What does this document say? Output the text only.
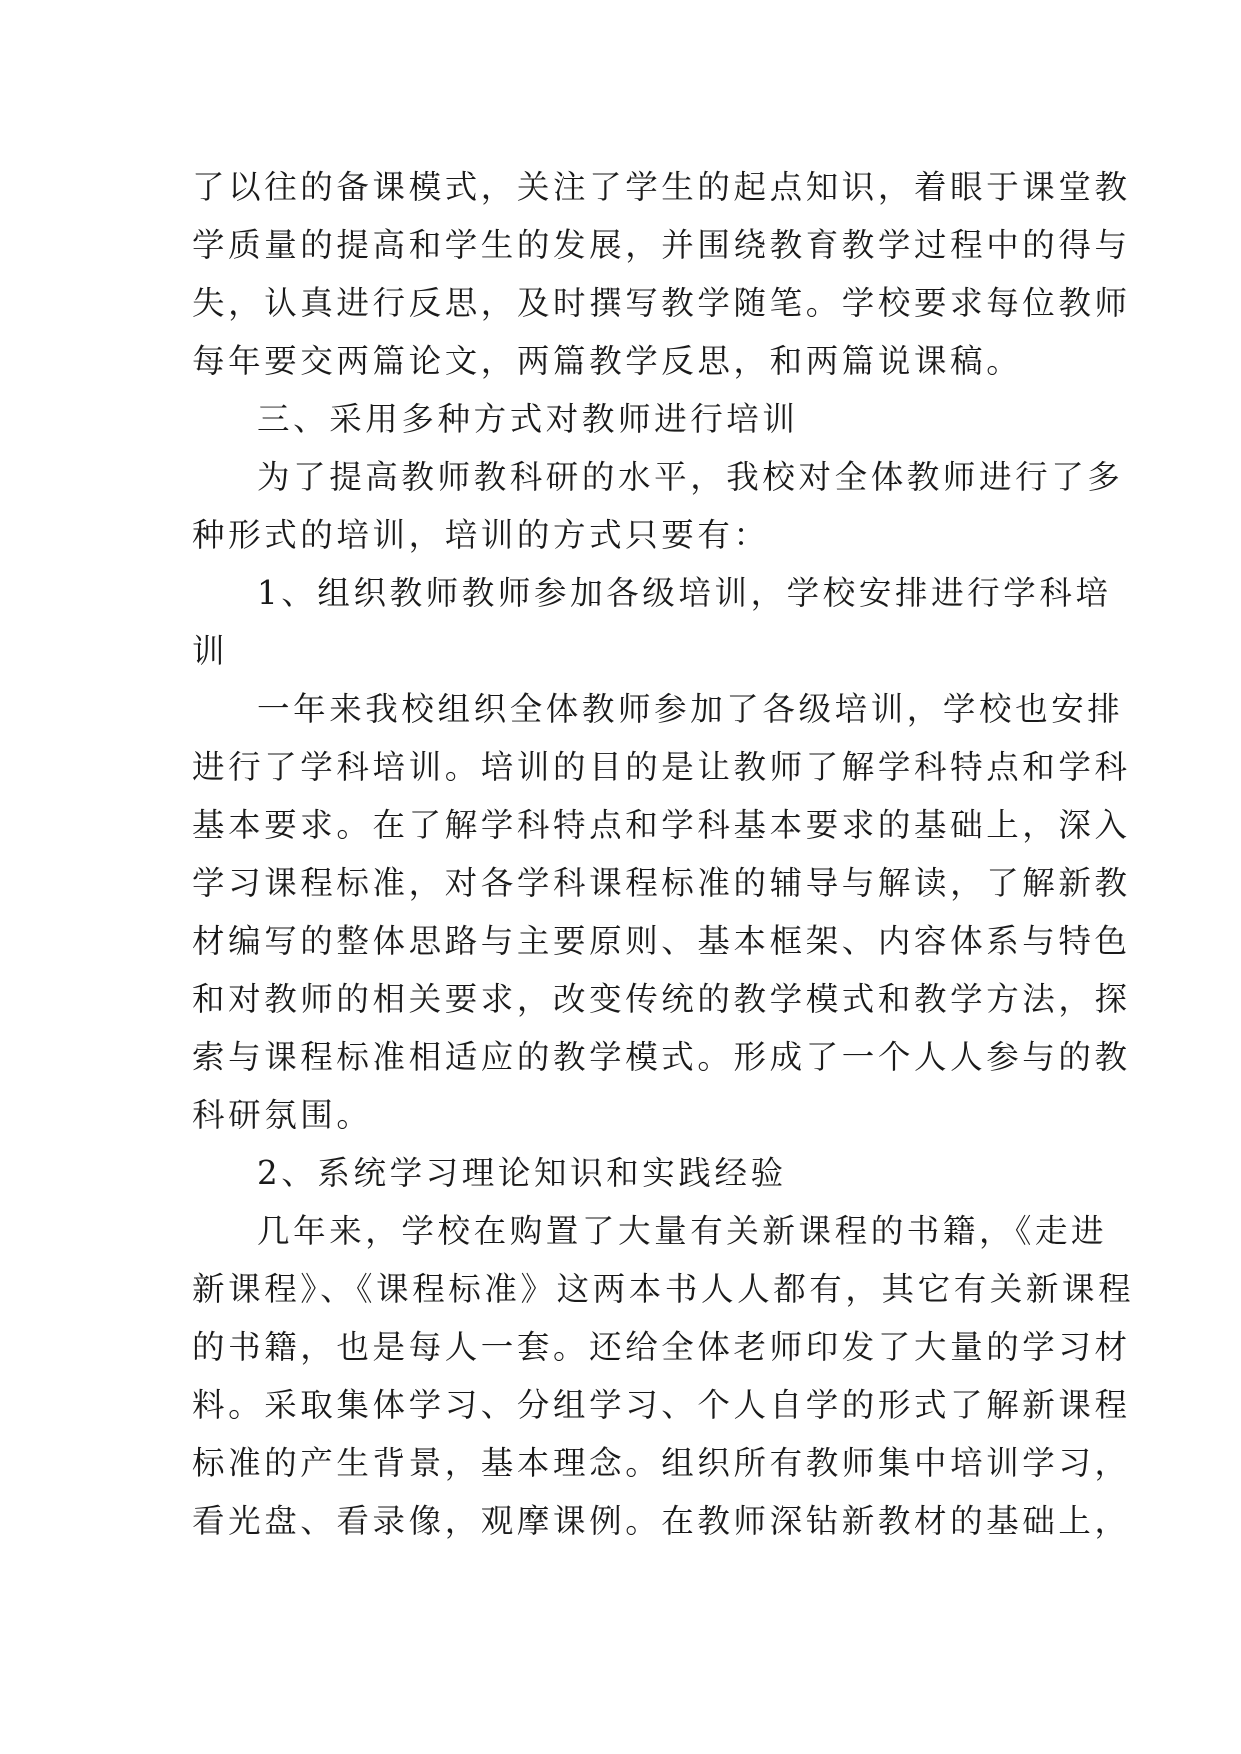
了以往的备课模式，关注了学生的起点知识，着眼于课堂教
学质量的提高和学生的发展，并围绕教育教学过程中的得与
失，认真进行反思，及时撰写教学随笔。学校要求每位教师
每年要交两篇论文，两篇教学反思，和两篇说课稿。
三、采用多种方式对教师进行培训
为了提高教师教科研的水平，我校对全体教师进行了多
种形式的培训，培训的方式只要有：
1、组织教师教师参加各级培训，学校安排进行学科培
训
一年来我校组织全体教师参加了各级培训，学校也安排
进行了学科培训。培训的目的是让教师了解学科特点和学科
基本要求。在了解学科特点和学科基本要求的基础上，深入
学习课程标准，对各学科课程标准的辅导与解读，了解新教
材编写的整体思路与主要原则、基本框架、内容体系与特色
和对教师的相关要求，改变传统的教学模式和教学方法，探
索与课程标准相适应的教学模式。形成了一个人人参与的教
科研氛围。
2、系统学习理论知识和实践经验
几年来，学校在购置了大量有关新课程的书籍，《走进
新课程》、《课程标准》这两本书人人都有，其它有关新课程
的书籍，也是每人一套。还给全体老师印发了大量的学习材
料。采取集体学习、分组学习、个人自学的形式了解新课程
标准的产生背景，基本理念。组织所有教师集中培训学习，
看光盘、看录像，观摩课例。在教师深钻新教材的基础上，
